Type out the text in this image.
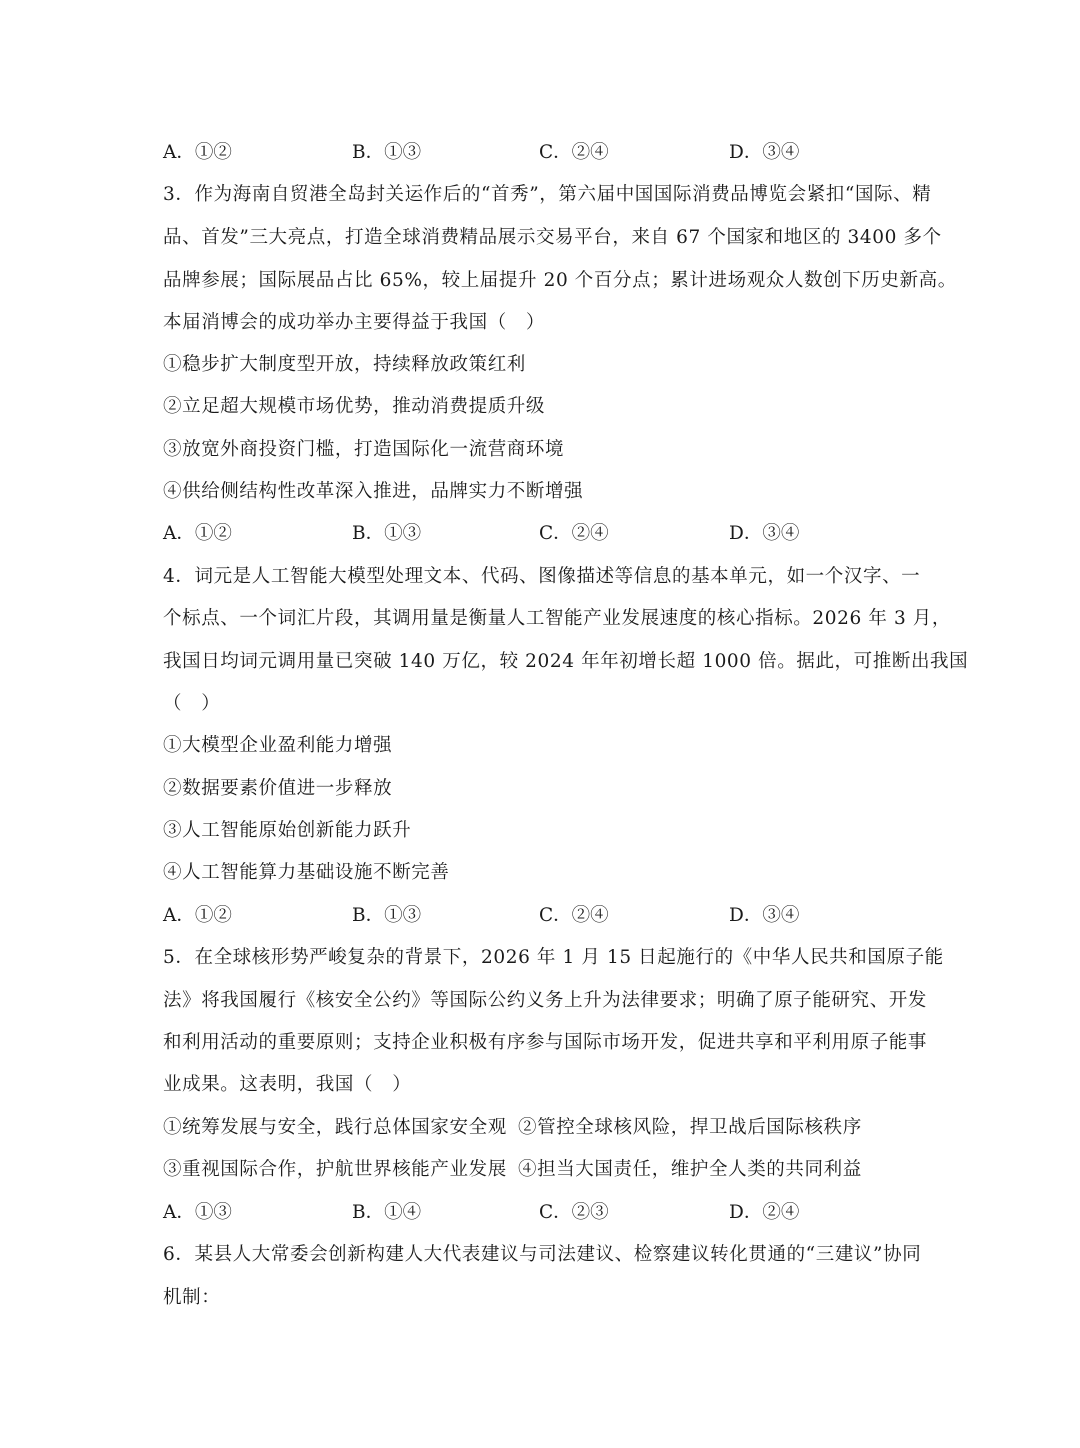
A．①②	B．①③	C．②④	D．③④
3．作为海南自贸港全岛封关运作后的“首秀”，第六届中国国际消费品博览会紧扣“国际、精
品、首发”三大亮点，打造全球消费精品展示交易平台，来自 67 个国家和地区的 3400 多个
品牌参展；国际展品占比 65%，较上届提升 20 个百分点；累计进场观众人数创下历史新高。
本届消博会的成功举办主要得益于我国（　）
①稳步扩大制度型开放，持续释放政策红利
②立足超大规模市场优势，推动消费提质升级
③放宽外商投资门槛，打造国际化一流营商环境
④供给侧结构性改革深入推进，品牌实力不断增强
A．①②	B．①③	C．②④	D．③④
4．词元是人工智能大模型处理文本、代码、图像描述等信息的基本单元，如一个汉字、一
个标点、一个词汇片段，其调用量是衡量人工智能产业发展速度的核心指标。2026 年 3 月，
我国日均词元调用量已突破 140 万亿，较 2024 年年初增长超 1000 倍。据此，可推断出我国
（　）
①大模型企业盈利能力增强
②数据要素价值进一步释放
③人工智能原始创新能力跃升
④人工智能算力基础设施不断完善
A．①②	B．①③	C．②④	D．③④
5．在全球核形势严峻复杂的背景下，2026 年 1 月 15 日起施行的《中华人民共和国原子能
法》将我国履行《核安全公约》等国际公约义务上升为法律要求；明确了原子能研究、开发
和利用活动的重要原则；支持企业积极有序参与国际市场开发，促进共享和平利用原子能事
业成果。这表明，我国（　）
①统筹发展与安全，践行总体国家安全观 ②管控全球核风险，捍卫战后国际核秩序
③重视国际合作，护航世界核能产业发展 ④担当大国责任，维护全人类的共同利益
A．①③	B．①④	C．②③	D．②④
6．某县人大常委会创新构建人大代表建议与司法建议、检察建议转化贯通的“三建议”协同
机制：
